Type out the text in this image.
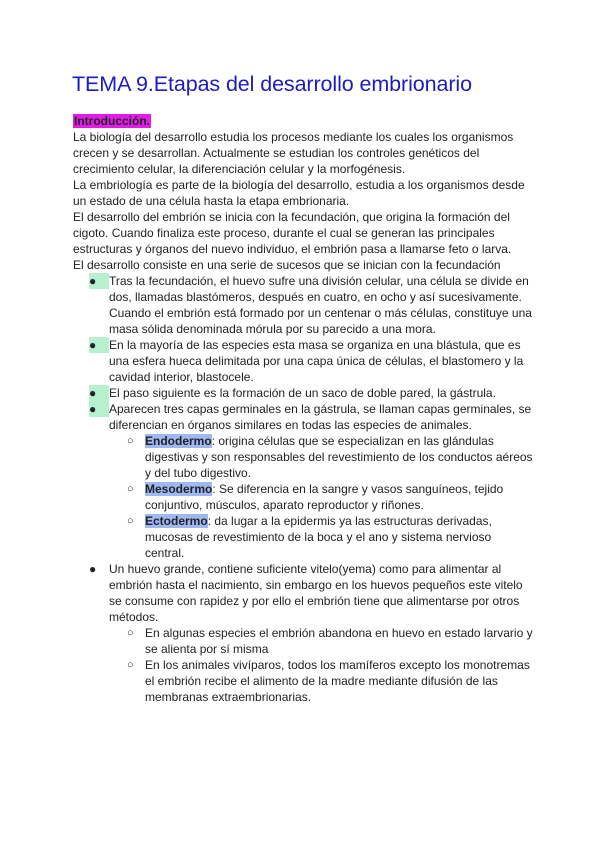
TEMA 9.Etapas del desarrollo embrionario

Introducción.

La biología del desarrollo estudia los procesos mediante los cuales los organismos crecen y se desarrollan. Actualmente se estudian los controles genéticos del crecimiento celular, la diferenciación celular y la morfogénesis.

La embriología es parte de la biología del desarrollo, estudia a los organismos desde un estado de una célula hasta la etapa embrionaria.

El desarrollo del embrión se inicia con la fecundación, que origina la formación del cigoto. Cuando finaliza este proceso, durante el cual se generan las principales estructuras y órganos del nuevo individuo, el embrión pasa a llamarse feto o larva.

El desarrollo consiste en una serie de sucesos que se inician con la fecundación

●	Tras la fecundación, el huevo sufre una división celular, una célula se divide en dos, llamadas blastómeros, después en cuatro, en ocho y así sucesivamente. Cuando el embrión está formado por un centenar o más células, constituye una masa sólida denominada mórula por su parecido a una mora.
●	En la mayoría de las especies esta masa se organiza en una blástula, que es una esfera hueca delimitada por una capa única de células, el blastomero y la cavidad interior, blastocele.
●	El paso siguiente es la formación de un saco de doble pared, la gástrula.
●	Aparecen tres capas germinales en la gástrula, se llaman capas germinales, se diferencian en órganos similares en todas las especies de animales.
○ Endodermo: origina células que se especializan en las glándulas digestivas y son responsables del revestimiento de los conductos aéreos y del tubo digestivo.
○ Mesodermo: Se diferencia en la sangre y vasos sanguíneos, tejido conjuntivo, músculos, aparato reproductor y riñones.
○ Ectodermo: da lugar a la epidermis ya las estructuras derivadas, mucosas de revestimiento de la boca y el ano y sistema nervioso central.
●	Un huevo grande, contiene suficiente vitelo(yema) como para alimentar al embrión hasta el nacimiento, sin embargo en los huevos pequeños este vitelo se consume con rapidez y por ello el embrión tiene que alimentarse por otros métodos.
○ En algunas especies el embrión abandona en huevo en estado larvario y se alienta por sí misma
○ En los animales vivíparos, todos los mamíferos excepto los monotremas el embrión recibe el alimento de la madre mediante difusión de las membranas extraembrionarias.
